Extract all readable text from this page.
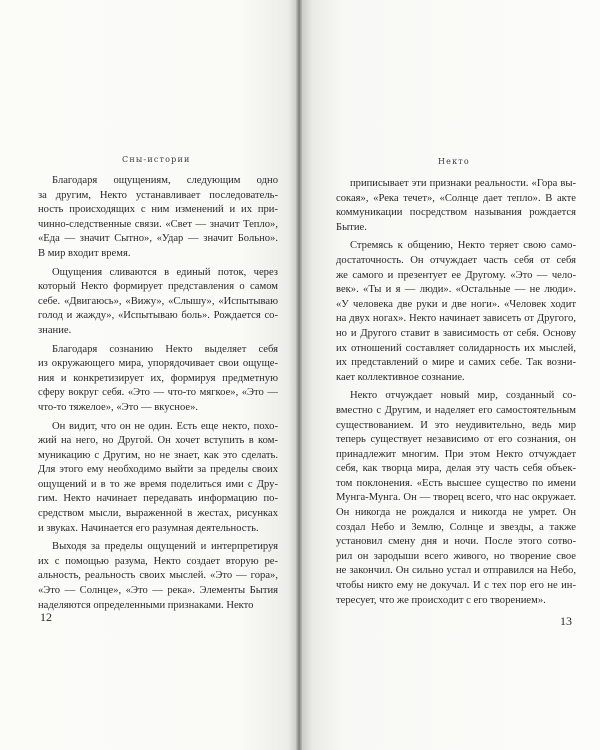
Сны-истории
Благодаря ощущениям, следующим одно
за другим, Некто устанавливает последователь-
ность происходящих с ним изменений и их при-
чинно-следственные связи. «Свет — значит Тепло»,
«Еда — значит Сытно», «Удар — значит Больно».
В мир входит время.
Ощущения сливаются в единый поток, через
который Некто формирует представления о самом
себе. «Двигаюсь», «Вижу», «Слышу», «Испытываю
голод и жажду», «Испытываю боль». Рождается со-
знание.
Благодаря сознанию Некто выделяет себя
из окружающего мира, упорядочивает свои ощуще-
ния и конкретизирует их, формируя предметную
сферу вокруг себя. «Это — что-то мягкое», «Это —
что-то тяжелое», «Это — вкусное».
Он видит, что он не один. Есть еще некто, похо-
жий на него, но Другой. Он хочет вступить в ком-
муникацию с Другим, но не знает, как это сделать.
Для этого ему необходимо выйти за пределы своих
ощущений и в то же время поделиться ими с Дру-
гим. Некто начинает передавать информацию по-
средством мысли, выраженной в жестах, рисунках
и звуках. Начинается его разумная деятельность.
Выходя за пределы ощущений и интерпретируя
их с помощью разума, Некто создает вторую ре-
альность, реальность своих мыслей. «Это — гора»,
«Это — Солнце», «Это — река». Элементы Бытия
наделяются определенными признаками. Некто
12
Некто
приписывает эти признаки реальности. «Гора вы-
сокая», «Река течет», «Солнце дает тепло». В акте
коммуникации посредством называния рождается
Бытие.
Стремясь к общению, Некто теряет свою само-
достаточность. Он отчуждает часть себя от себя
же самого и презентует ее Другому. «Это — чело-
век». «Ты и я — люди». «Остальные — не люди».
«У человека две руки и две ноги». «Человек ходит
на двух ногах». Некто начинает зависеть от Другого,
но и Другого ставит в зависимость от себя. Основу
их отношений составляет солидарность их мыслей,
их представлений о мире и самих себе. Так возни-
кает коллективное сознание.
Некто отчуждает новый мир, созданный со-
вместно с Другим, и наделяет его самостоятельным
существованием. И это неудивительно, ведь мир
теперь существует независимо от его сознания, он
принадлежит многим. При этом Некто отчуждает
себя, как творца мира, делая эту часть себя объек-
том поклонения. «Есть высшее существо по имени
Мунга-Мунга. Он — творец всего, что нас окружает.
Он никогда не рождался и никогда не умрет. Он
создал Небо и Землю, Солнце и звезды, а также
установил смену дня и ночи. После этого сотво-
рил он зародыши всего живого, но творение свое
не закончил. Он сильно устал и отправился на Небо,
чтобы никто ему не докучал. И с тех пор его не ин-
тересует, что же происходит с его творением».
13
